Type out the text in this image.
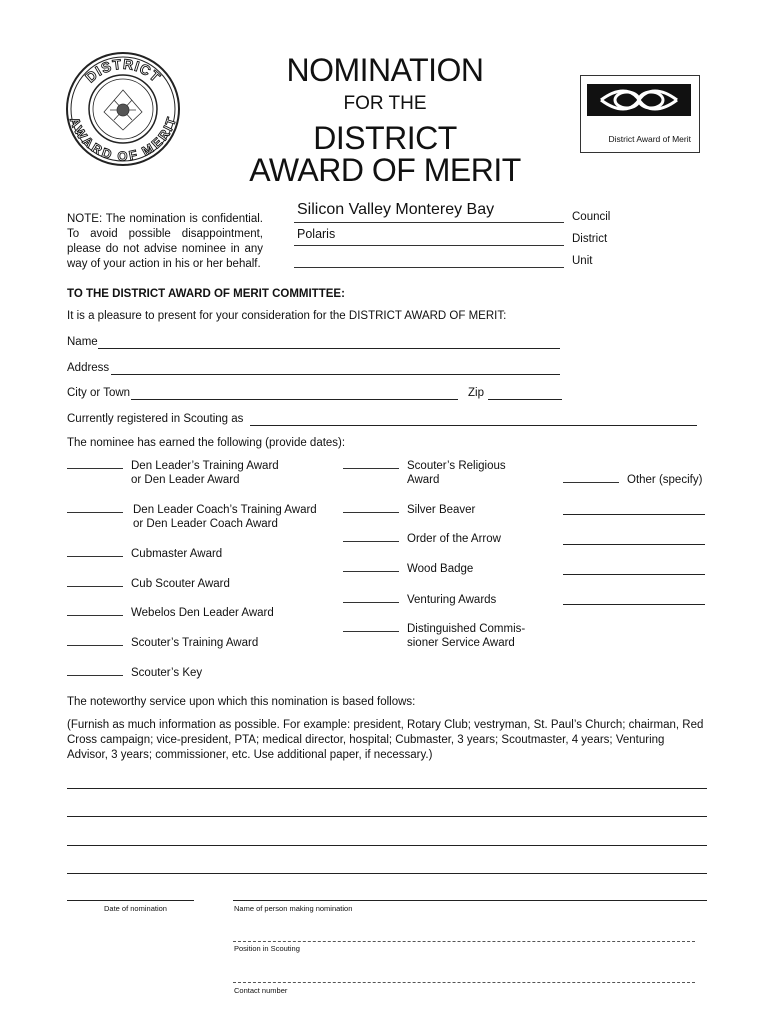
DISTRICT
AWARD OF MERIT
NOMINATION
FOR THE
DISTRICT
AWARD OF MERIT
District Award of Merit
NOTE: The nomination is confidential. To avoid possible disappointment, please do not advise nominee in any way of your action in his or her behalf.
Silicon Valley Monterey Bay	Council
Polaris	District
Unit
TO THE DISTRICT AWARD OF MERIT COMMITTEE:
It is a pleasure to present for your consideration for the DISTRICT AWARD OF MERIT:
Name
Address
City or Town	Zip
Currently registered in Scouting as
The nominee has earned the following (provide dates):
Den Leader’s Training Award
or Den Leader Award
Den Leader Coach’s Training Award
or Den Leader Coach Award
Cubmaster Award
Cub Scouter Award
Webelos Den Leader Award
Scouter’s Training Award
Scouter’s Key
Scouter’s Religious
Award
Silver Beaver
Order of the Arrow
Wood Badge
Venturing Awards
Distinguished Commis-
sioner Service Award
Other (specify)
The noteworthy service upon which this nomination is based follows:
(Furnish as much information as possible. For example: president, Rotary Club; vestryman, St. Paul’s Church; chairman, Red Cross campaign; vice-president, PTA; medical director, hospital; Cubmaster, 3 years; Scoutmaster, 4 years; Venturing Advisor, 3 years; commissioner, etc. Use additional paper, if necessary.)
Date of nomination	Name of person making nomination
Position in Scouting
Contact number
